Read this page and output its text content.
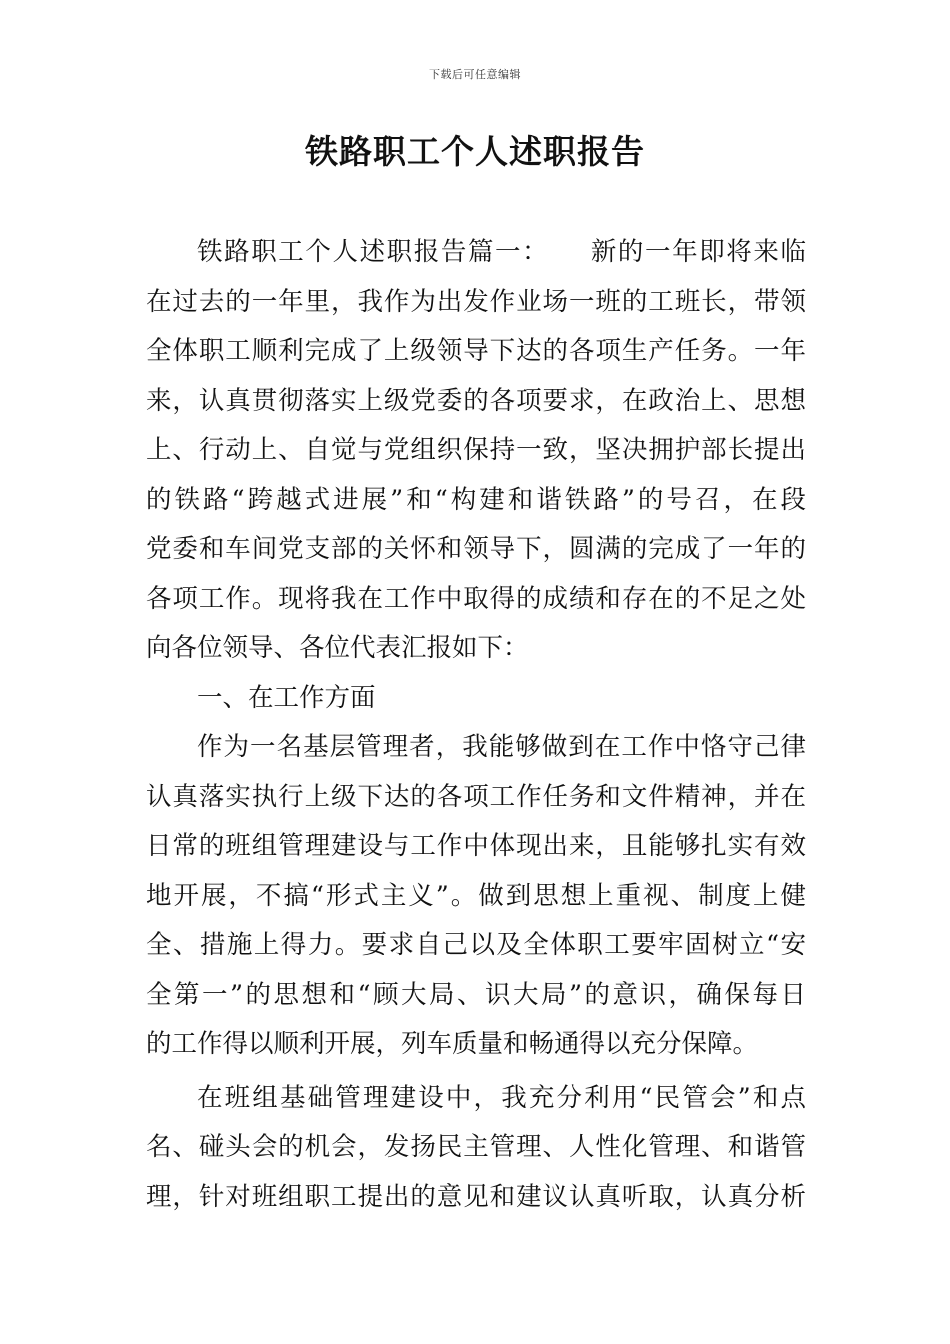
下载后可任意编辑
铁路职工个人述职报告
铁路职工个人述职报告篇一： 新的一年即将来临
在过去的一年里，我作为出发作业场一班的工班长，带领
全体职工顺利完成了上级领导下达的各项生产任务。一年
来，认真贯彻落实上级党委的各项要求，在政治上、思想
上、行动上、自觉与党组织保持一致，坚决拥护部长提出
的铁路“跨越式进展”和“构建和谐铁路”的号召，在段
党委和车间党支部的关怀和领导下，圆满的完成了一年的
各项工作。现将我在工作中取得的成绩和存在的不足之处
向各位领导、各位代表汇报如下：
一、在工作方面
作为一名基层管理者，我能够做到在工作中恪守己律
认真落实执行上级下达的各项工作任务和文件精神，并在
日常的班组管理建设与工作中体现出来，且能够扎实有效
地开展，不搞“形式主义”。做到思想上重视、制度上健
全、措施上得力。要求自己以及全体职工要牢固树立“安
全第一”的思想和“顾大局、识大局”的意识，确保每日
的工作得以顺利开展，列车质量和畅通得以充分保障。
在班组基础管理建设中，我充分利用“民管会”和点
名、碰头会的机会，发扬民主管理、人性化管理、和谐管
理，针对班组职工提出的意见和建议认真听取，认真分析
